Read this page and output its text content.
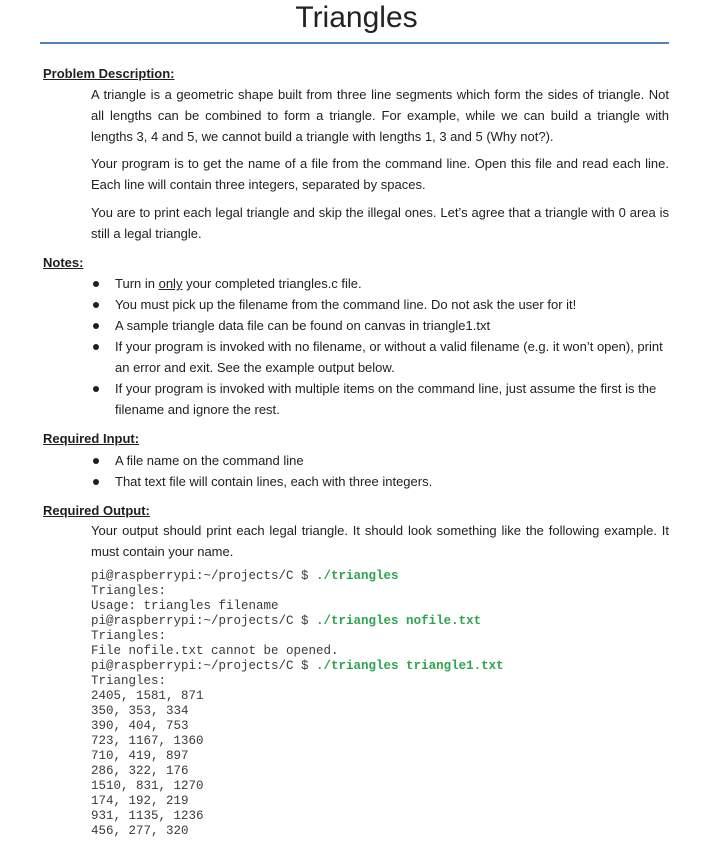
Triangles
Problem Description:
A triangle is a geometric shape built from three line segments which form the sides of triangle. Not all lengths can be combined to form a triangle. For example, while we can build a triangle with lengths 3, 4 and 5, we cannot build a triangle with lengths 1, 3 and 5 (Why not?).
Your program is to get the name of a file from the command line. Open this file and read each line. Each line will contain three integers, separated by spaces.
You are to print each legal triangle and skip the illegal ones. Let’s agree that a triangle with 0 area is still a legal triangle.
Notes:
Turn in only your completed triangles.c file.
You must pick up the filename from the command line. Do not ask the user for it!
A sample triangle data file can be found on canvas in triangle1.txt
If your program is invoked with no filename, or without a valid filename (e.g. it won’t open), print an error and exit. See the example output below.
If your program is invoked with multiple items on the command line, just assume the first is the filename and ignore the rest.
Required Input:
A file name on the command line
That text file will contain lines, each with three integers.
Required Output:
Your output should print each legal triangle. It should look something like the following example. It must contain your name.
pi@raspberrypi:~/projects/C $ ./triangles
Triangles:
Usage: triangles filename
pi@raspberrypi:~/projects/C $ ./triangles nofile.txt
Triangles:
File nofile.txt cannot be opened.
pi@raspberrypi:~/projects/C $ ./triangles triangle1.txt
Triangles:
2405, 1581, 871
350, 353, 334
390, 404, 753
723, 1167, 1360
710, 419, 897
286, 322, 176
1510, 831, 1270
174, 192, 219
931, 1135, 1236
456, 277, 320
